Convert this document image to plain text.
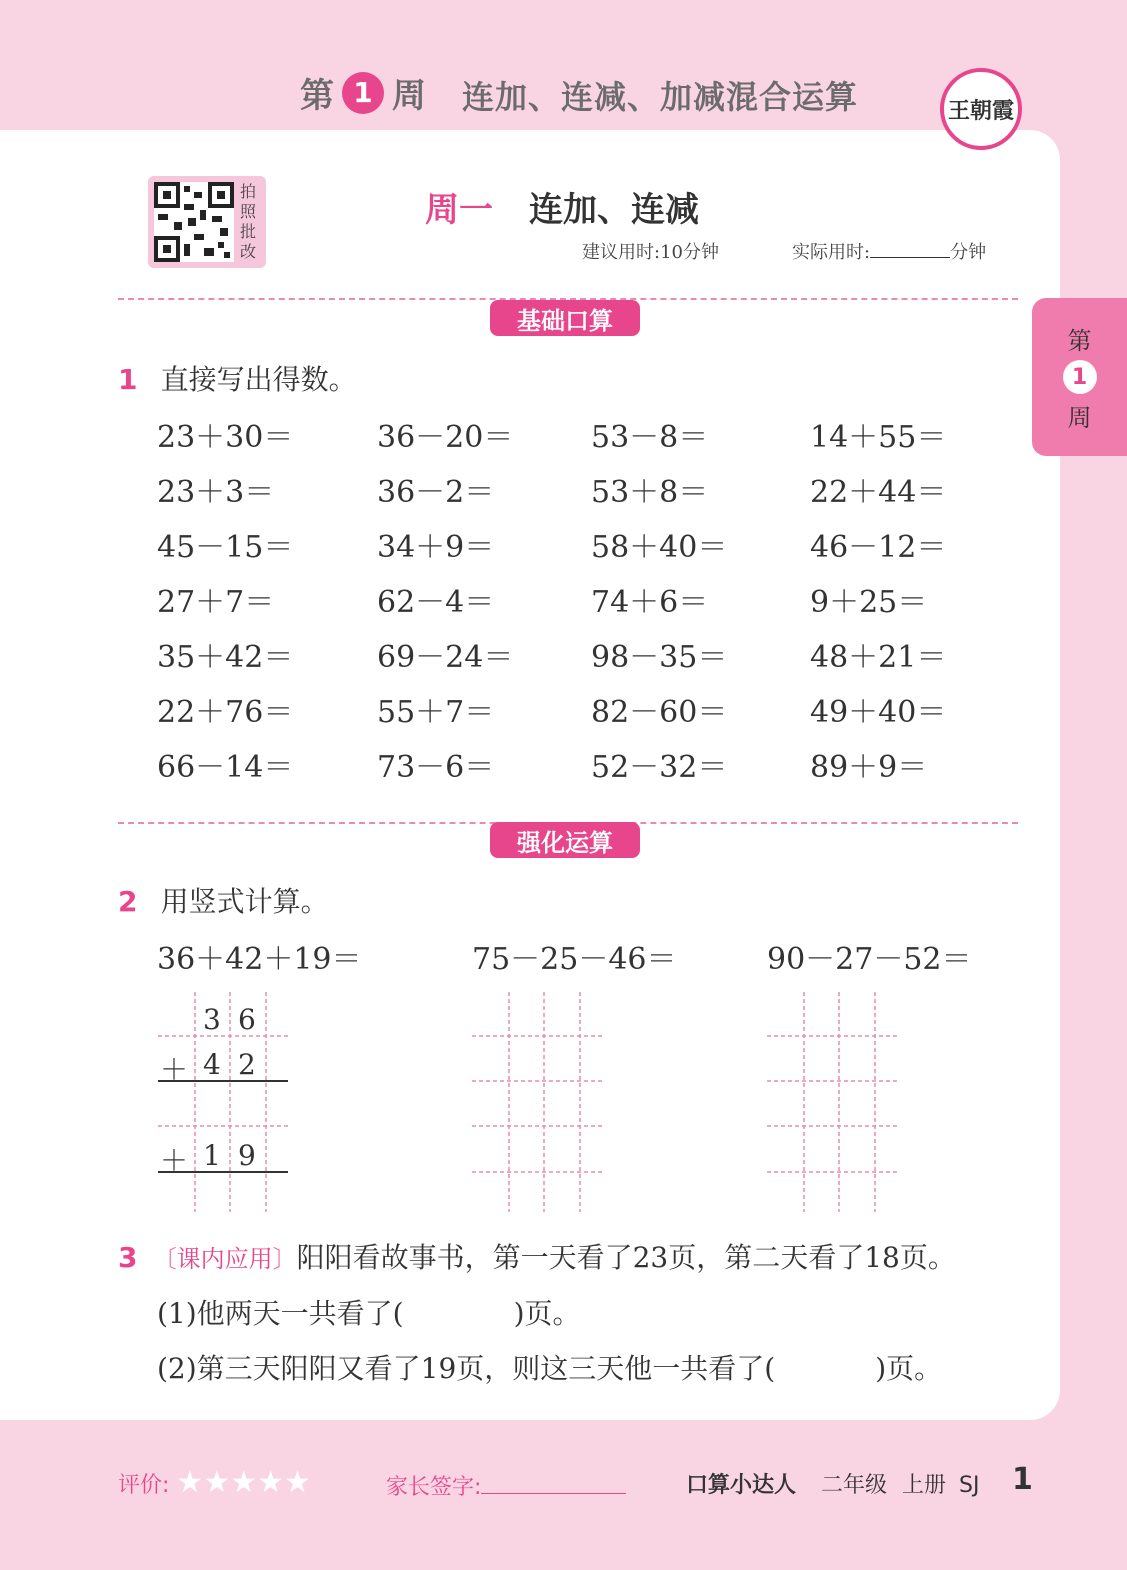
第 1 周 连加、连减、加减混合运算	王朝霞
拍照批改
周一 连加、连减
建议用时:10分钟	实际用时:	分钟
第
1
周
基础口算
1 直接写出得数。
23＋30＝	36－20＝	53－8＝	14＋55＝
23＋3＝	36－2＝	53＋8＝	22＋44＝
45－15＝	34＋9＝	58＋40＝	46－12＝
27＋7＝	62－4＝	74＋6＝	9＋25＝
35＋42＝	69－24＝	98－35＝	48＋21＝
22＋76＝	55＋7＝	82－60＝	49＋40＝
66－14＝	73－6＝	52－32＝	89＋9＝
强化运算
2 用竖式计算。
36＋42＋19＝	75－25－46＝	90－27－52＝
3 6
＋ 4 2
＋ 1 9
3 〔课内应用〕阳阳看故事书，第一天看了23页，第二天看了18页。
(1)他两天一共看了(	)页。
(2)第三天阳阳又看了19页，则这三天他一共看了(	)页。
评价: ★★★★★	家长签字:	口算小达人 二年级 上册 SJ 1
